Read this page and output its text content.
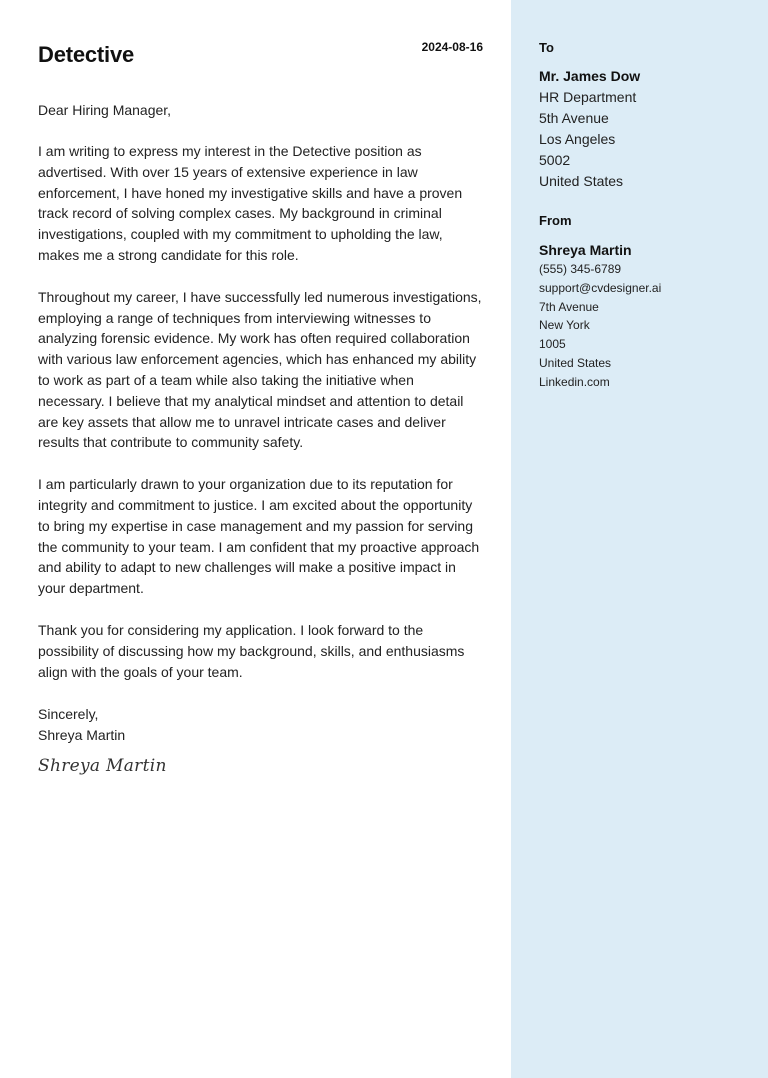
Detective	2024-08-16
Dear Hiring Manager,

I am writing to express my interest in the Detective position as advertised. With over 15 years of extensive experience in law enforcement, I have honed my investigative skills and have a proven track record of solving complex cases. My background in criminal investigations, coupled with my commitment to upholding the law, makes me a strong candidate for this role.

Throughout my career, I have successfully led numerous investigations, employing a range of techniques from interviewing witnesses to analyzing forensic evidence. My work has often required collaboration with various law enforcement agencies, which has enhanced my ability to work as part of a team while also taking the initiative when necessary. I believe that my analytical mindset and attention to detail are key assets that allow me to unravel intricate cases and deliver results that contribute to community safety.

I am particularly drawn to your organization due to its reputation for integrity and commitment to justice. I am excited about the opportunity to bring my expertise in case management and my passion for serving the community to your team. I am confident that my proactive approach and ability to adapt to new challenges will make a positive impact in your department.

Thank you for considering my application. I look forward to the possibility of discussing how my background, skills, and enthusiasms align with the goals of your team.

Sincerely,
Shreya Martin
Shreya Martin
To
Mr. James Dow
HR Department
5th Avenue
Los Angeles
5002
United States
From
Shreya Martin
(555) 345-6789
support@cvdesigner.ai
7th Avenue
New York
1005
United States
Linkedin.com
